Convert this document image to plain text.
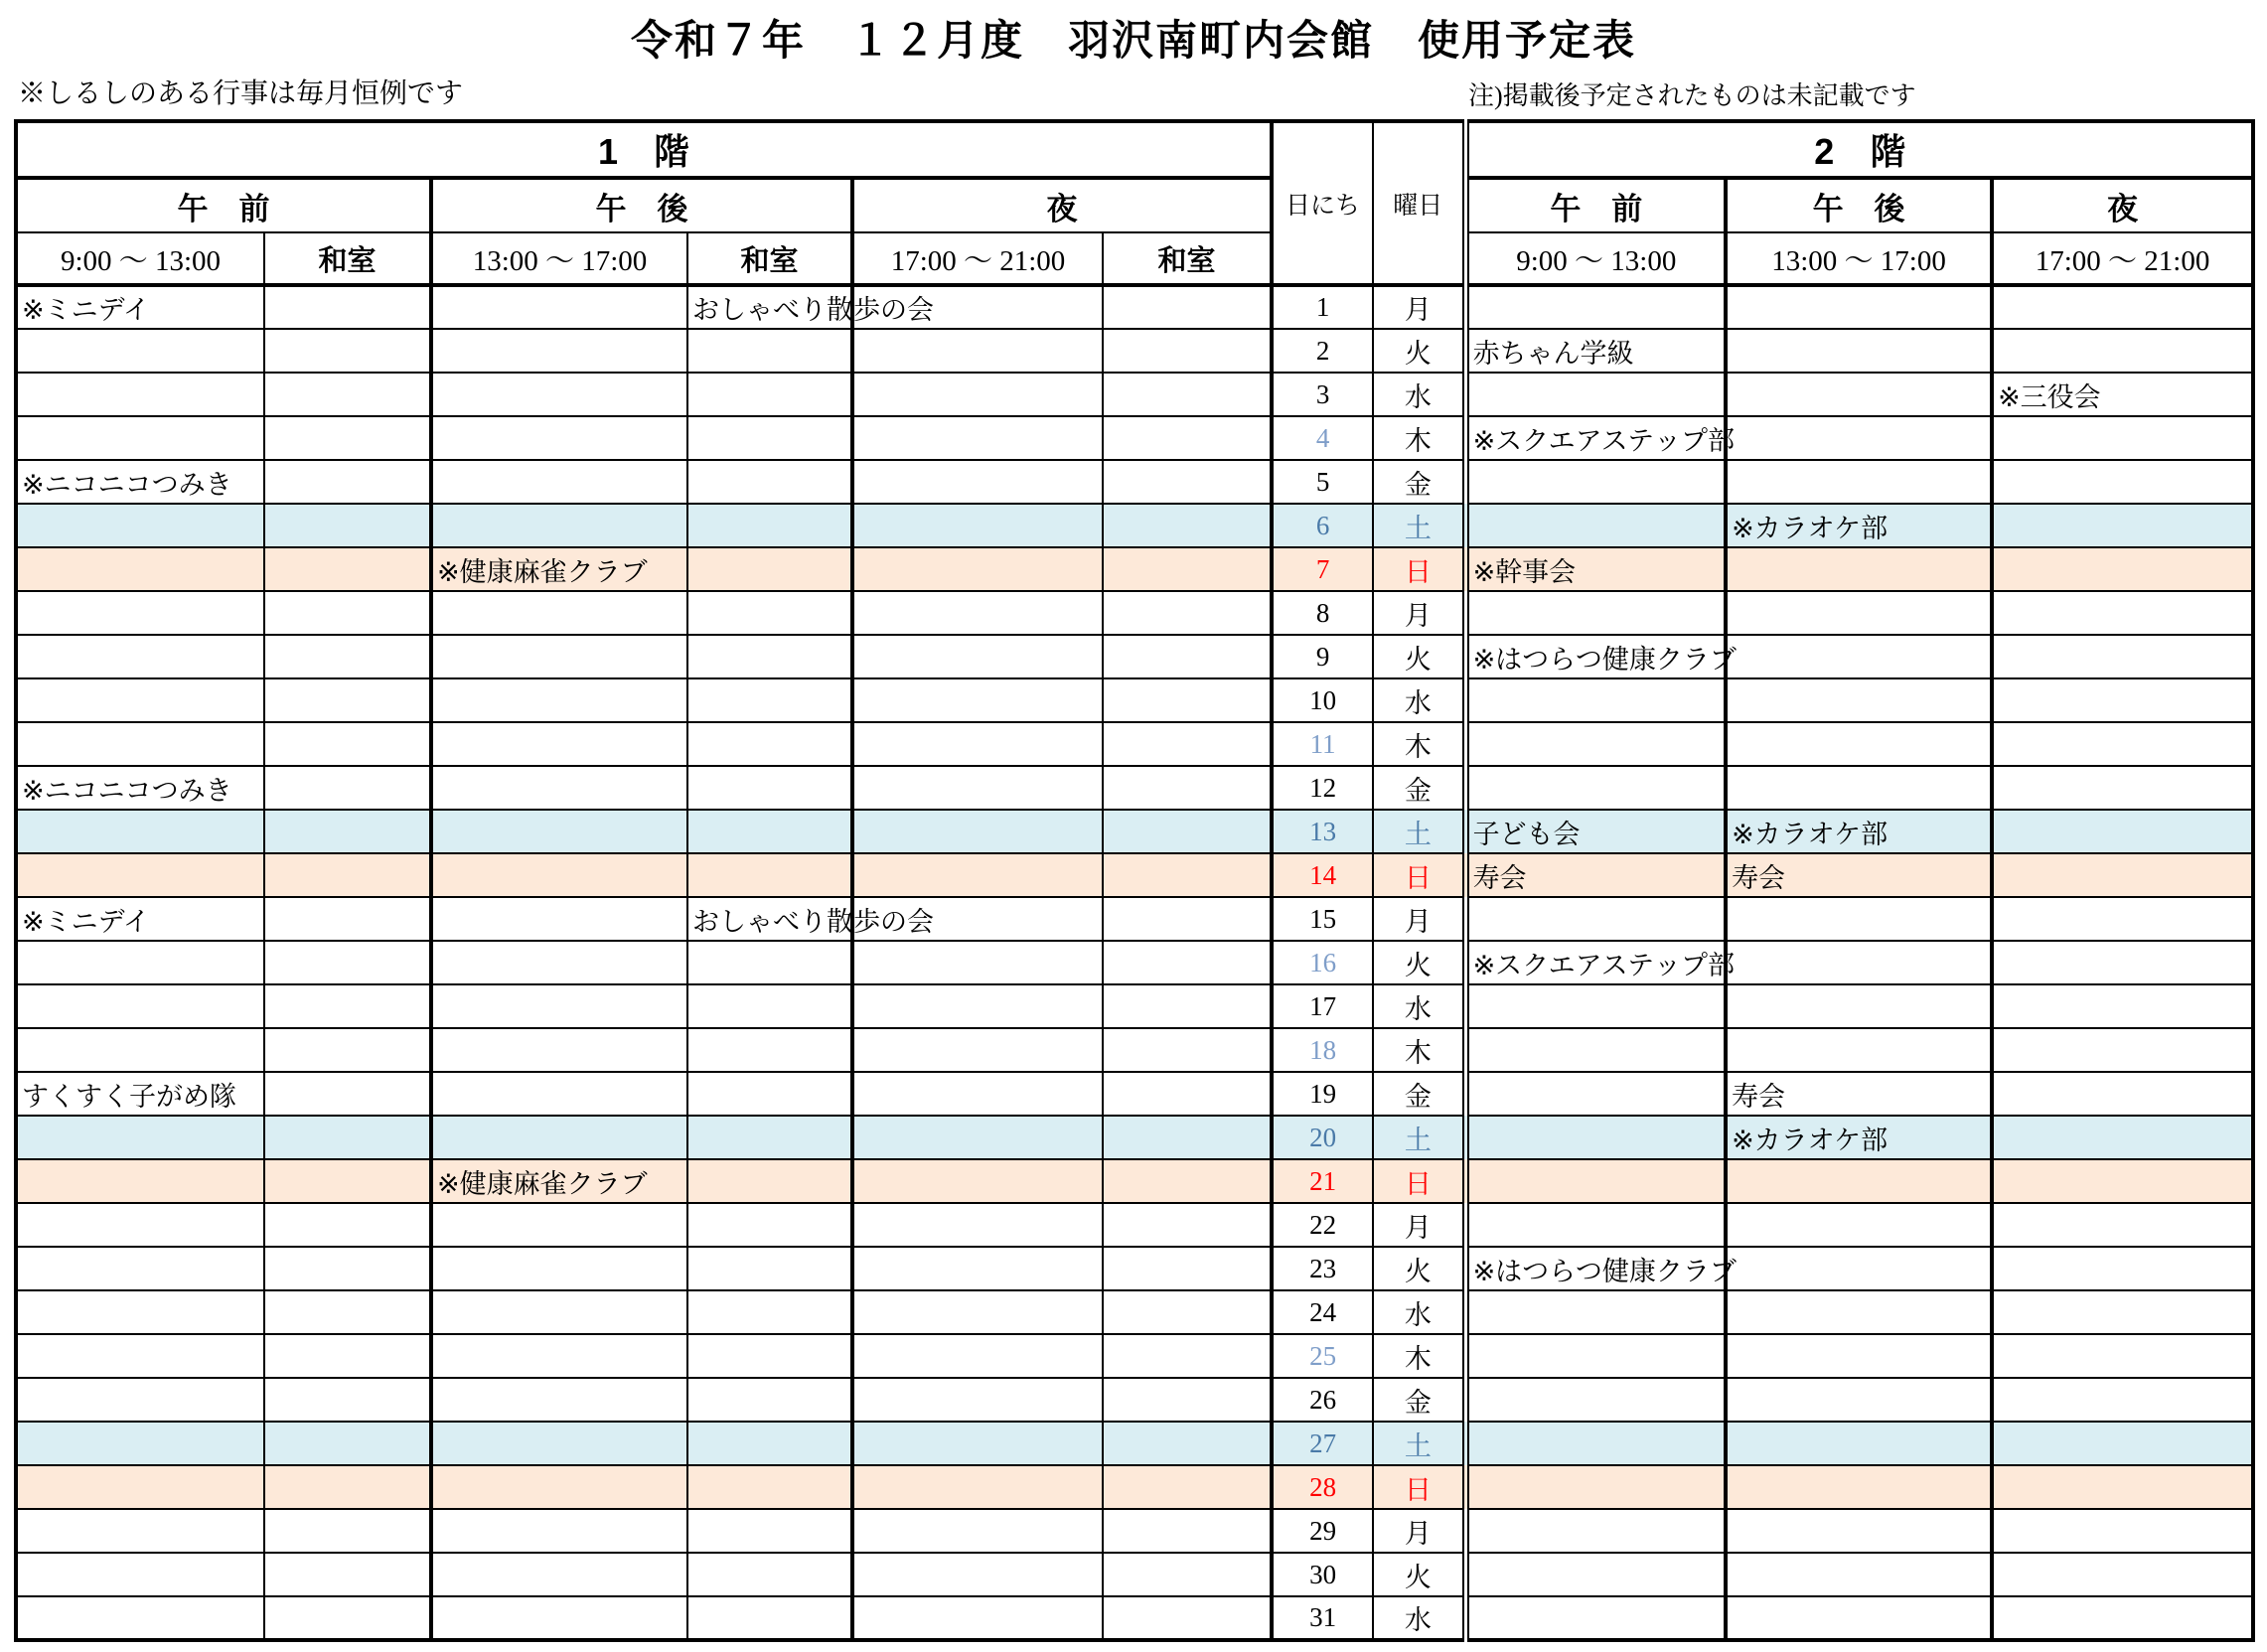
令和７年　１２月度　羽沢南町内会館　使用予定表
※しるしのある行事は毎月恒例です	注)掲載後予定されたものは未記載です
1　階						日にち	曜日	2　階		
午　前		午　後		夜				午　前	午　後	夜
9:00 ～ 13:00	和室	13:00 ～ 17:00	和室	17:00 ～ 21:00	和室			9:00 ～ 13:00	13:00 ～ 17:00	17:00 ～ 21:00
※ミニデイ			おしゃべり散歩の会			1	月			
						2	火	赤ちゃん学級		
						3	水			※三役会
						4	木	※スクエアステップ部		
※ニコニコつみき						5	金			
						6	土		※カラオケ部	
		※健康麻雀クラブ				7	日	※幹事会		
						8	月			
						9	火	※はつらつ健康クラブ		
						10	水			
						11	木			
※ニコニコつみき						12	金			
						13	土	子ども会	※カラオケ部	
						14	日	寿会	寿会	
※ミニデイ			おしゃべり散歩の会			15	月			
						16	火	※スクエアステップ部		
						17	水			
						18	木			
すくすく子がめ隊						19	金		寿会	
						20	土		※カラオケ部	
		※健康麻雀クラブ				21	日			
						22	月			
						23	火	※はつらつ健康クラブ		
						24	水			
						25	木			
						26	金			
						27	土			
						28	日			
						29	月			
						30	火			
						31	水			
